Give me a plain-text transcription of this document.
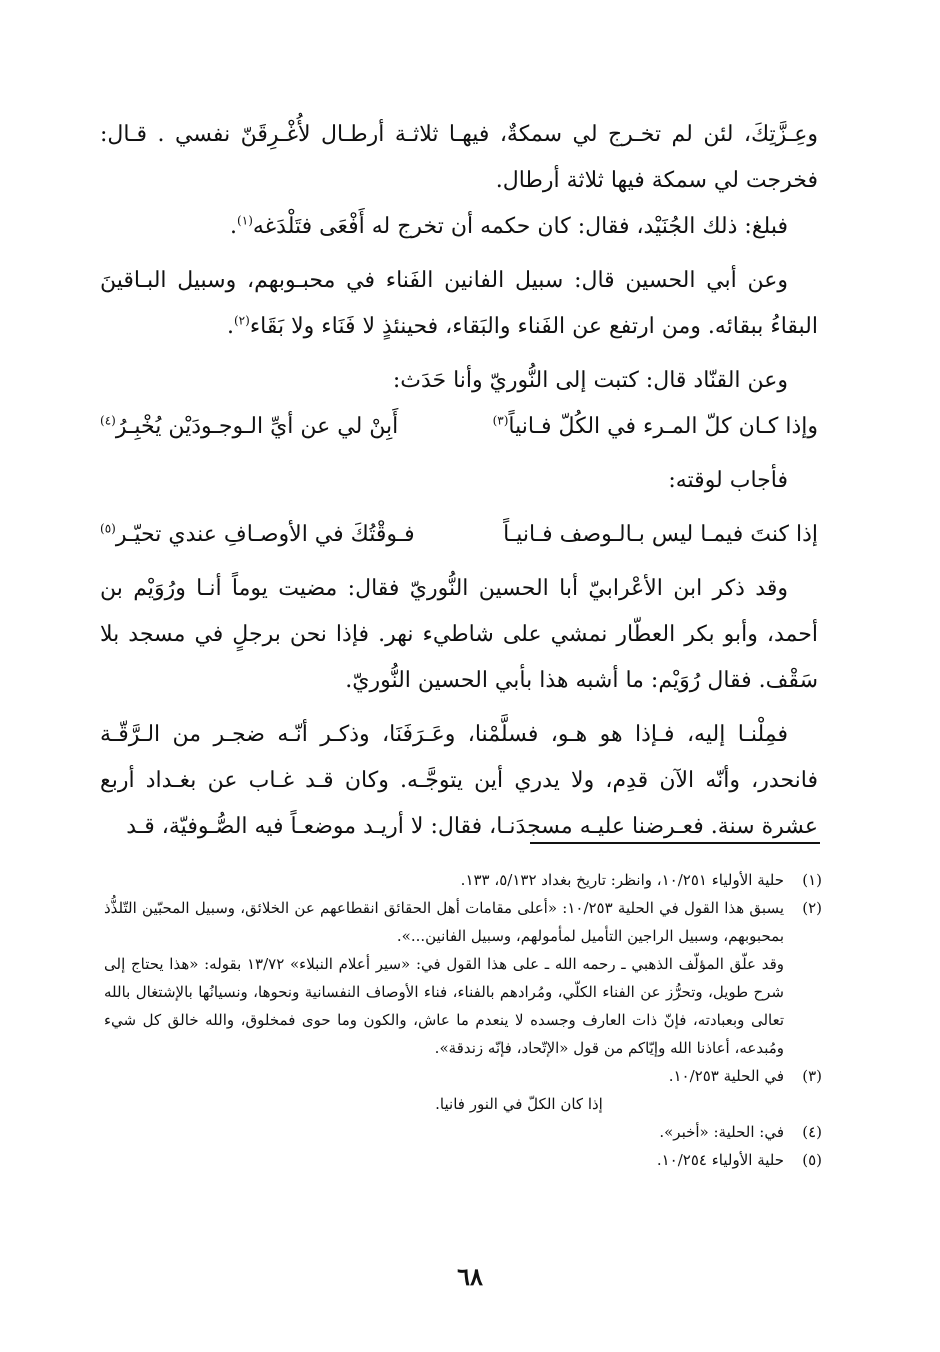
وعِـزَّتِكَ، لئن لم تخـرج لي سمكةٌ، فيهـا ثلاثـة أرطـال لأُغْـرِقَنّ نفسي . قـال: فخرجت لي سمكة فيها ثلاثة أرطال.

فبلغ: ذلك الجُنَيْد، فقال: كان حكمه أن تخرج له أَفْعَى فتَلْدَغه$^{(١)}$.

وعن أبي الحسين قال: سبيل الفانين الفَناء في محبـوبهم، وسبيل البـاقينَ البقاءُ ببقائه. ومن ارتفع عن الفَناء والبَقاء، فحينئذٍ لا فَنَاء ولا بَقَاء$^{(٢)}$.

وعن القنّاد قال: كتبت إلى النُّوريّ وأنا حَدَث:

وإذا كـان كلّ المـرء في الكُلّ فـانياً$^{(٣)}$
أَبِنْ لي عن أيِّ الـوجـودَيْن يُخْبِـرُ$^{(٤)}$

فأجاب لوقته:

إذا كنتَ فيمـا ليس بـالـوصف فـانيـاً
فـوقْتُكَ في الأوصـافِ عندي تحيّـر$^{(٥)}$

وقد ذكر ابن الأعْرابيّ أبا الحسين النُّوريّ فقال: مضيت يوماً أنـا ورُوَيْم بن أحمد، وأبو بكر العطّار نمشي على شاطيء نهر. فإذا نحن برجلٍ في مسجد بلا سَقْف. فقال رُوَيْم: ما أشبه هذا بأبي الحسين النُّوريّ.

فمِلْنـا إليه، فـإذا هو هـو، فسلَّمْنا، وعَـرَفَنَا، وذكـر أنّـه ضجـر من الـرَّقّـة فانحدر، وأنّه الآن قدِم، ولا يدري أين يتوجَّـه. وكان قـد غـاب عن بغـداد أربع عشرة سنة. فعـرضنا عليـه مسجدَنـا، فقال: لا أريـد موضعـاً فيه الصُّـوفيّة، قـد

(١)

حلية الأولياء ١٠/٢٥١، وانظر: تاريخ بغداد ٥/١٣٢، ١٣٣.

(٢)

يسبق هذا القول في الحلية ١٠/٢٥٣: «أعلى مقامات أهل الحقائق انقطاعهم عن الخلائق، وسبيل المحبّين التّلذُّذ بمحبوبهم، وسبيل الراجين التأميل لمأمولهم، وسبيل الفانين...».

وقد علّق المؤلّف الذهبي ـ رحمه الله ـ على هذا القول في: «سير أعلام النبلاء» ١٣/٧٢ بقوله: «هذا يحتاج إلى شرح طويل، وتحرُّز عن الفناء الكلّي، ومُرادهم بالفناء، فناء الأوصاف النفسانية ونحوها، ونسيانُها بالإشتغال بالله تعالى وبعبادته، فإنّ ذات العارف وجسده لا ينعدم ما عاش، والكون وما حوى فمخلوق، والله خالق كل شيء ومُبدعه، أعاذنا الله وإيّاكم من قول «الإتّحاد، فإنّه زندقة».

(٣)

في الحلية ١٠/٢٥٣.

إذا كان الكلّ في النور فانيا.

(٤)

في: الحلية: «أخبر».

(٥)

حلية الأولياء ١٠/٢٥٤.

٦٨
